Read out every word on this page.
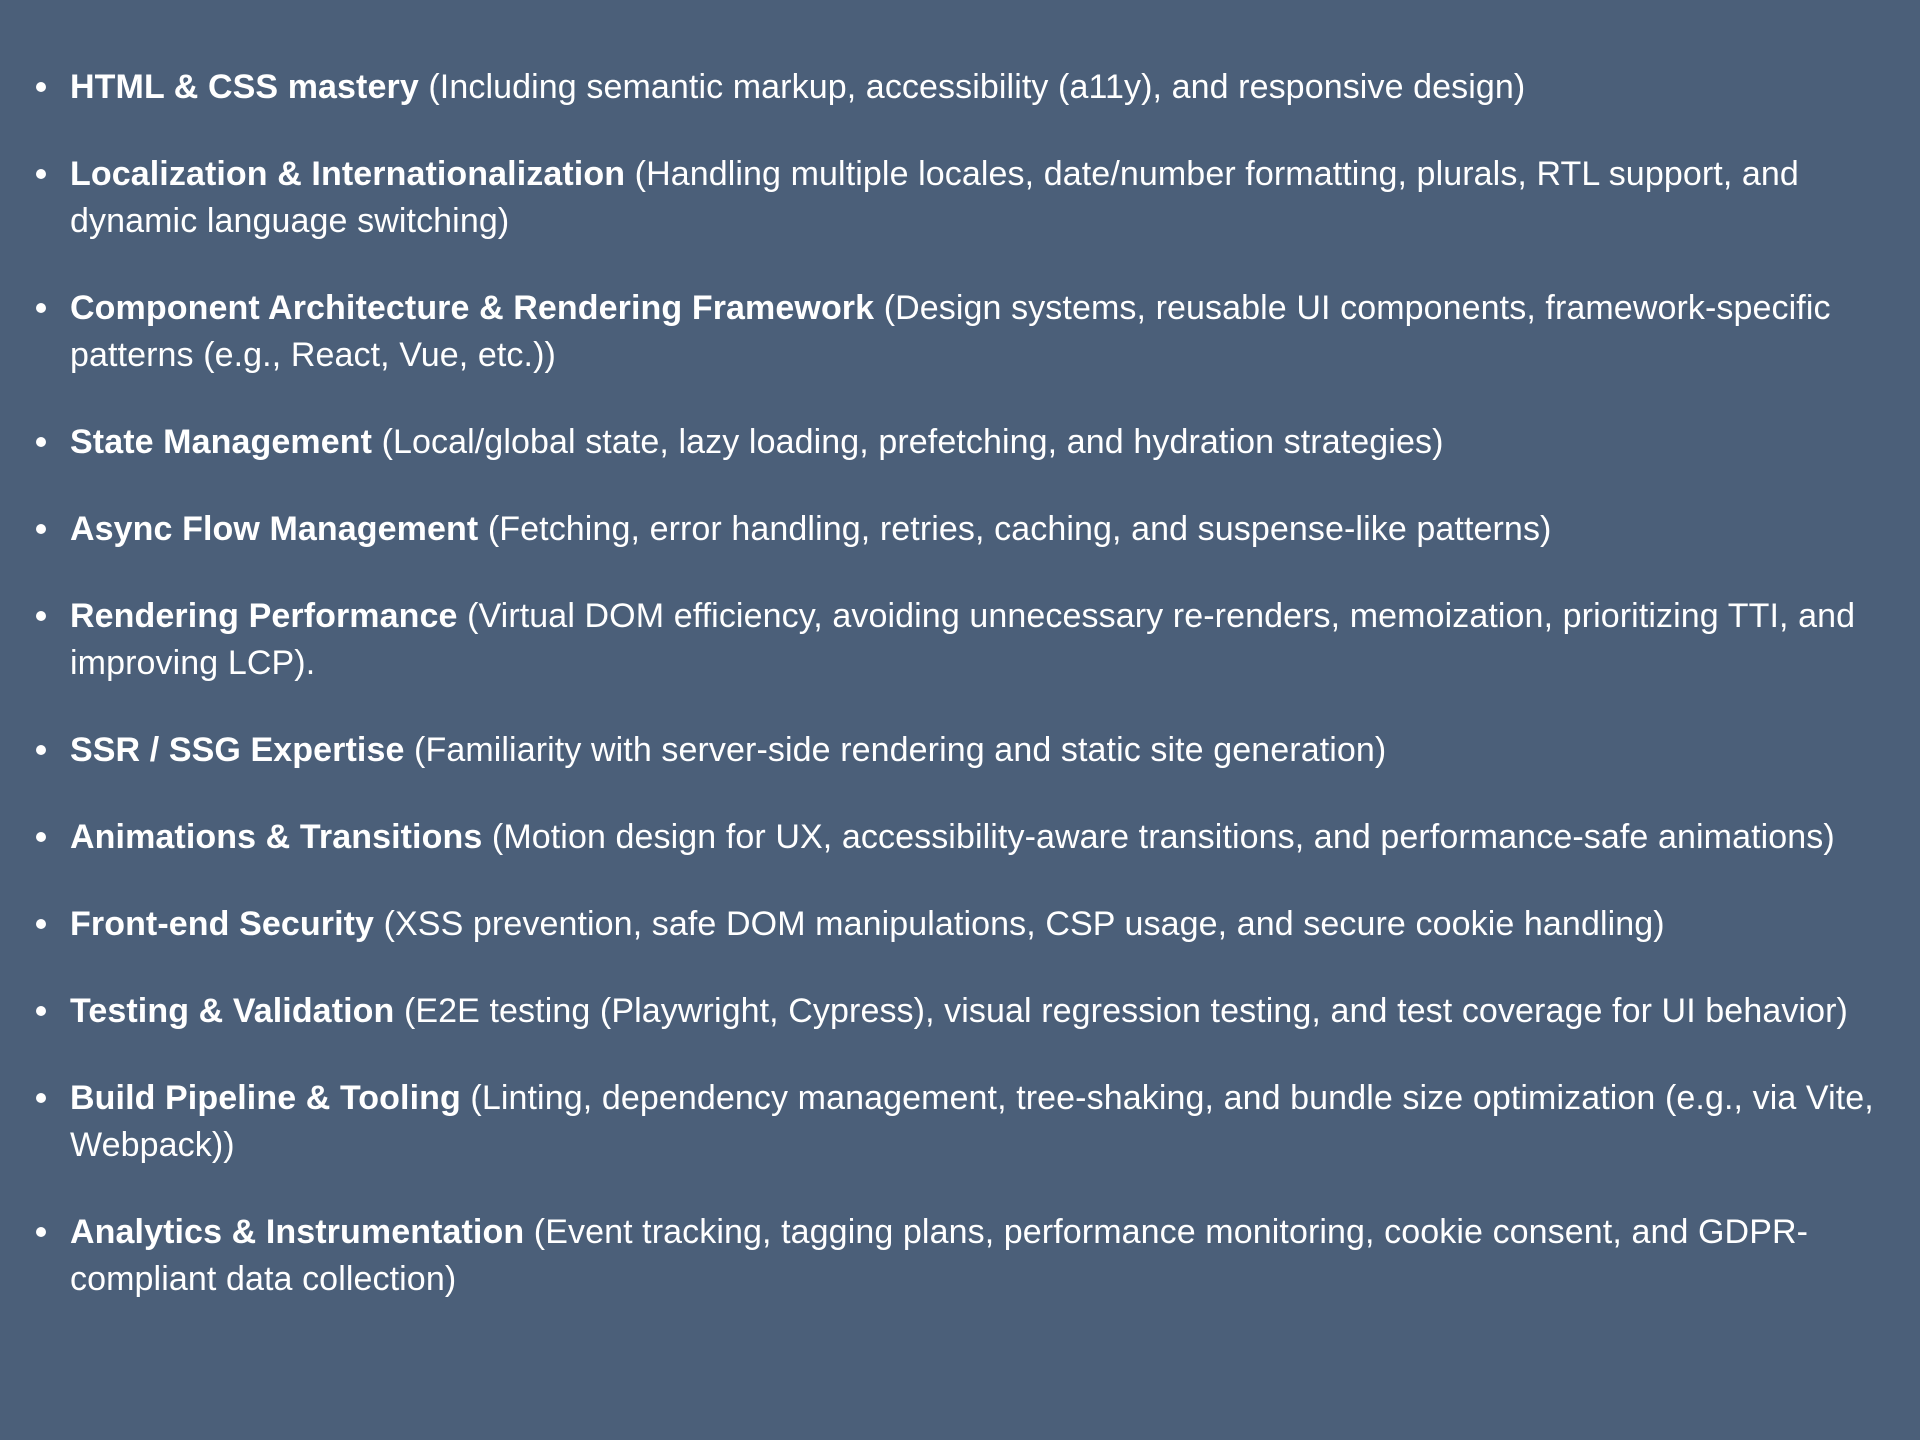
HTML & CSS mastery (Including semantic markup, accessibility (a11y), and responsive design)
Localization & Internationalization (Handling multiple locales, date/number formatting, plurals, RTL support, and dynamic language switching)
Component Architecture & Rendering Framework (Design systems, reusable UI components, framework-specific patterns (e.g., React, Vue, etc.))
State Management (Local/global state, lazy loading, prefetching, and hydration strategies)
Async Flow Management (Fetching, error handling, retries, caching, and suspense-like patterns)
Rendering Performance (Virtual DOM efficiency, avoiding unnecessary re-renders, memoization, prioritizing TTI, and improving LCP).
SSR / SSG Expertise (Familiarity with server-side rendering and static site generation)
Animations & Transitions (Motion design for UX, accessibility-aware transitions, and performance-safe animations)
Front-end Security (XSS prevention, safe DOM manipulations, CSP usage, and secure cookie handling)
Testing & Validation (E2E testing (Playwright, Cypress), visual regression testing, and test coverage for UI behavior)
Build Pipeline & Tooling (Linting, dependency management, tree-shaking, and bundle size optimization (e.g., via Vite, Webpack))
Analytics & Instrumentation (Event tracking, tagging plans, performance monitoring, cookie consent, and GDPR-compliant data collection)
